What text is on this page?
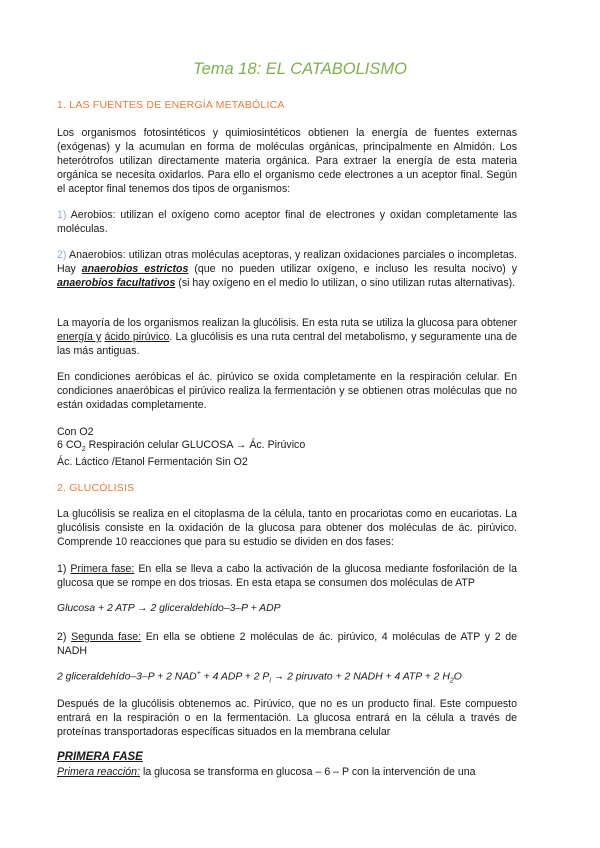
Tema 18: EL CATABOLISMO
1. LAS FUENTES DE ENERGÍA METABÓLICA
Los organismos fotosintéticos y quimiosintéticos obtienen la energía de fuentes externas (exógenas) y la acumulan en forma de moléculas orgánicas, principalmente en Almidón. Los heterótrofos utilizan directamente materia orgánica. Para extraer la energía de esta materia orgánica se necesita oxidarlos. Para ello el organismo cede electrones a un aceptor final. Según el aceptor final tenemos dos tipos de organismos:
1) Aerobios: utilizan el oxígeno como aceptor final de electrones y oxidan completamente las moléculas.
2) Anaerobios: utilizan otras moléculas aceptoras, y realizan oxidaciones parciales o incompletas. Hay anaerobios estrictos (que no pueden utilizar oxígeno, e incluso les resulta nocivo) y anaerobios facultativos (si hay oxígeno en el medio lo utilizan, o sino utilizan rutas alternativas).
La mayoría de los organismos realizan la glucólisis. En esta ruta se utiliza la glucosa para obtener energía y ácido pirúvico. La glucólisis es una ruta central del metabolismo, y seguramente una de las más antiguas.
En condiciones aeróbicas el ác. pirúvico se oxida completamente en la respiración celular. En condiciones anaeróbicas el pirúvico realiza la fermentación y se obtienen otras moléculas que no están oxidadas completamente.
Con O2
6 $CO_2$ Respiración celular GLUCOSA → Ác. Pirúvico
Ác. Láctico /Etanol Fermentación Sin O2
2. GLUCÓLISIS
La glucólisis se realiza en el citoplasma de la célula, tanto en procariotas como en eucariotas. La glucólisis consiste en la oxidación de la glucosa para obtener dos moléculas de ác. pirúvico. Comprende 10 reacciones que para su estudio se dividen en dos fases:
1) Primera fase: En ella se lleva a cabo la activación de la glucosa mediante fosforilación de la glucosa que se rompe en dos triosas. En esta etapa se consumen dos moléculas de ATP
Glucosa + 2 ATP → 2 gliceraldehído–3–P + ADP
2) Segunda fase: En ella se obtiene 2 moléculas de ác. pirúvico, 4 moléculas de ATP y 2 de NADH
2 gliceraldehído–3–P + 2 NAD+ + 4 ADP + 2 $P_i \to 2$ piruvato + 2 NADH + 4 ATP + 2 $H_2O$
Después de la glucólisis obtenemos ac. Pirúvico, que no es un producto final. Este compuesto entrará en la respiración o en la fermentación. La glucosa entrará en la célula a través de proteínas transportadoras específicas situados en la membrana celular
PRIMERA FASE
Primera reacción: la glucosa se transforma en glucosa – 6 – P con la intervención de una
